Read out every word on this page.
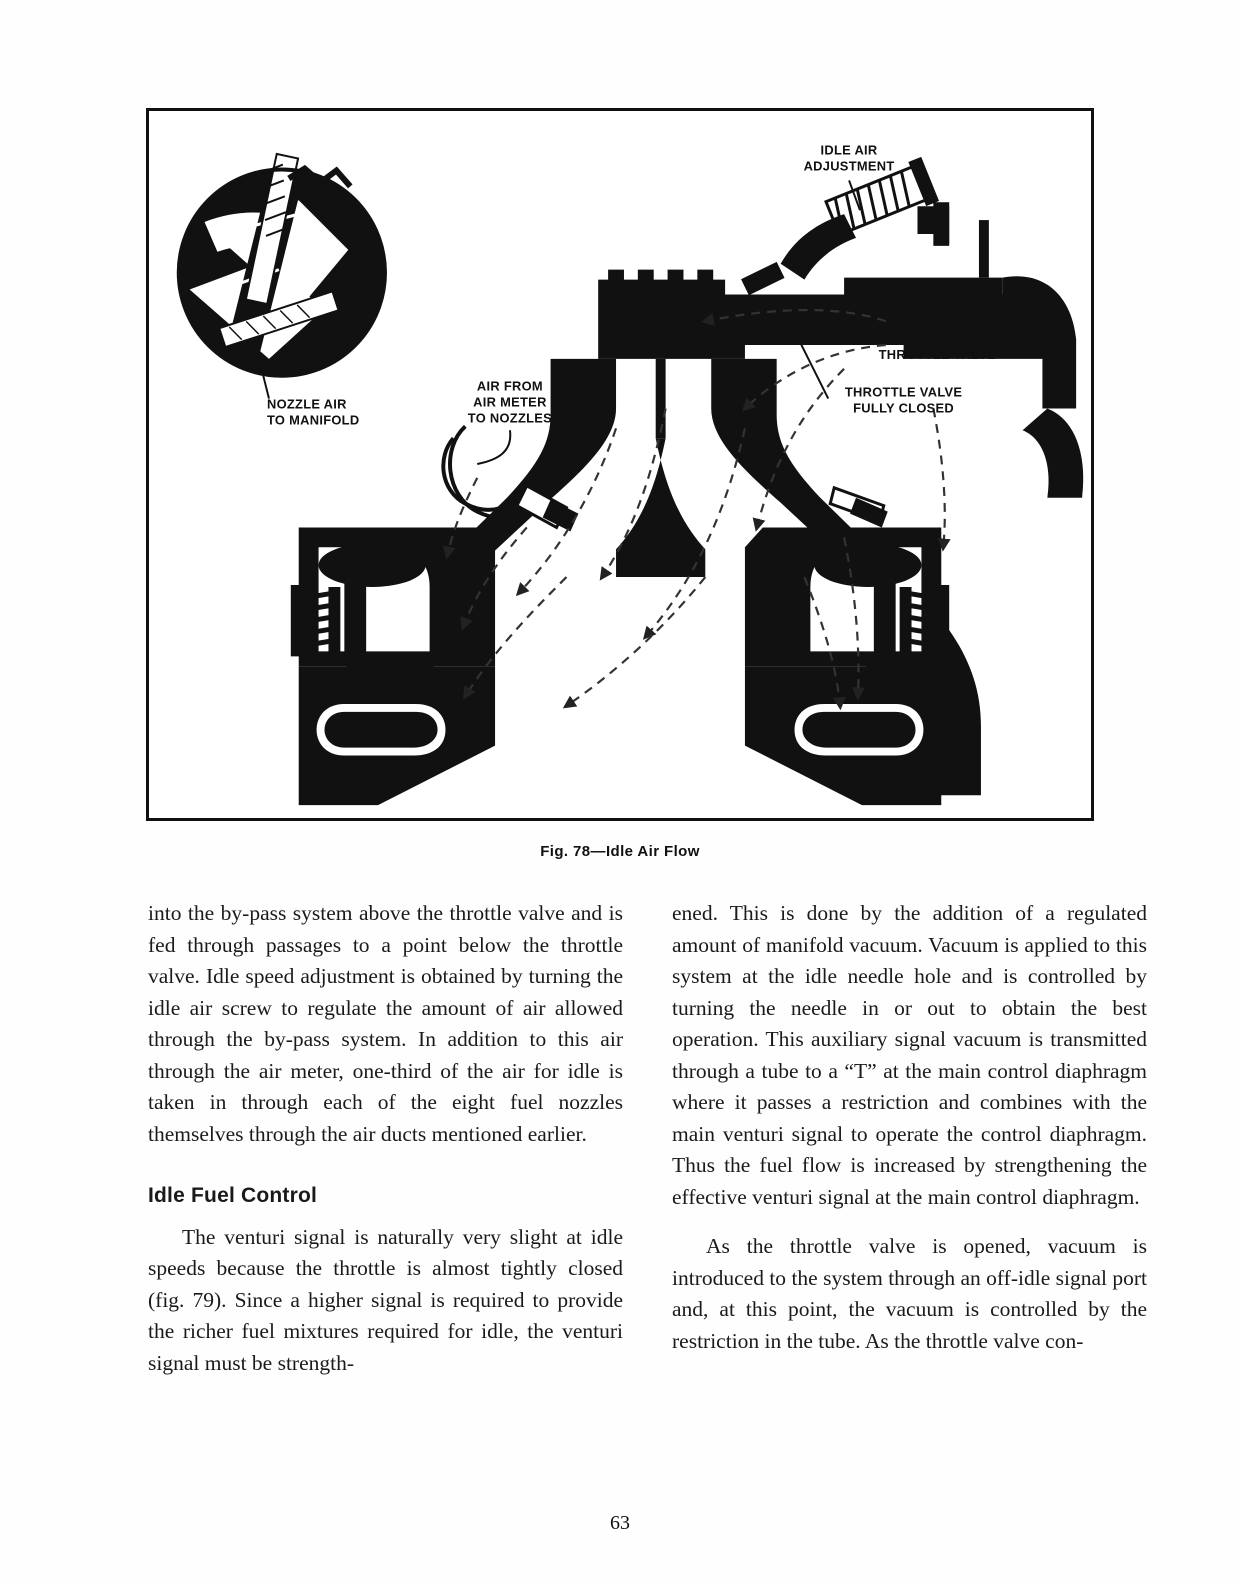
IDLE AIR
ADJUSTMENT
IDLE AIR
BYPASSES
THROTTLE VALVE
THROTTLE VALVE
FULLY CLOSED
NOZZLE AIR
TO MANIFOLD
AIR FROM
AIR METER
TO NOZZLES
Fig. 78—Idle Air Flow

into the by-pass system above the throttle valve and is fed through passages to a point below the throttle valve. Idle speed adjustment is obtained by turning the idle air screw to regulate the amount of air allowed through the by-pass system. In addition to this air through the air meter, one-third of the air for idle is taken in through each of the eight fuel nozzles themselves through the air ducts mentioned earlier.

Idle Fuel Control

The venturi signal is naturally very slight at idle speeds because the throttle is almost tightly closed (fig. 79). Since a higher signal is required to provide the richer fuel mixtures required for idle, the venturi signal must be strength-

ened. This is done by the addition of a regulated amount of manifold vacuum. Vacuum is applied to this system at the idle needle hole and is controlled by turning the needle in or out to obtain the best operation. This auxiliary signal vacuum is transmitted through a tube to a “T” at the main control diaphragm where it passes a restriction and combines with the main venturi signal to operate the control diaphragm. Thus the fuel flow is increased by strengthening the effective venturi signal at the main control diaphragm.

As the throttle valve is opened, vacuum is introduced to the system through an off-idle signal port and, at this point, the vacuum is controlled by the restriction in the tube. As the throttle valve con-

63
